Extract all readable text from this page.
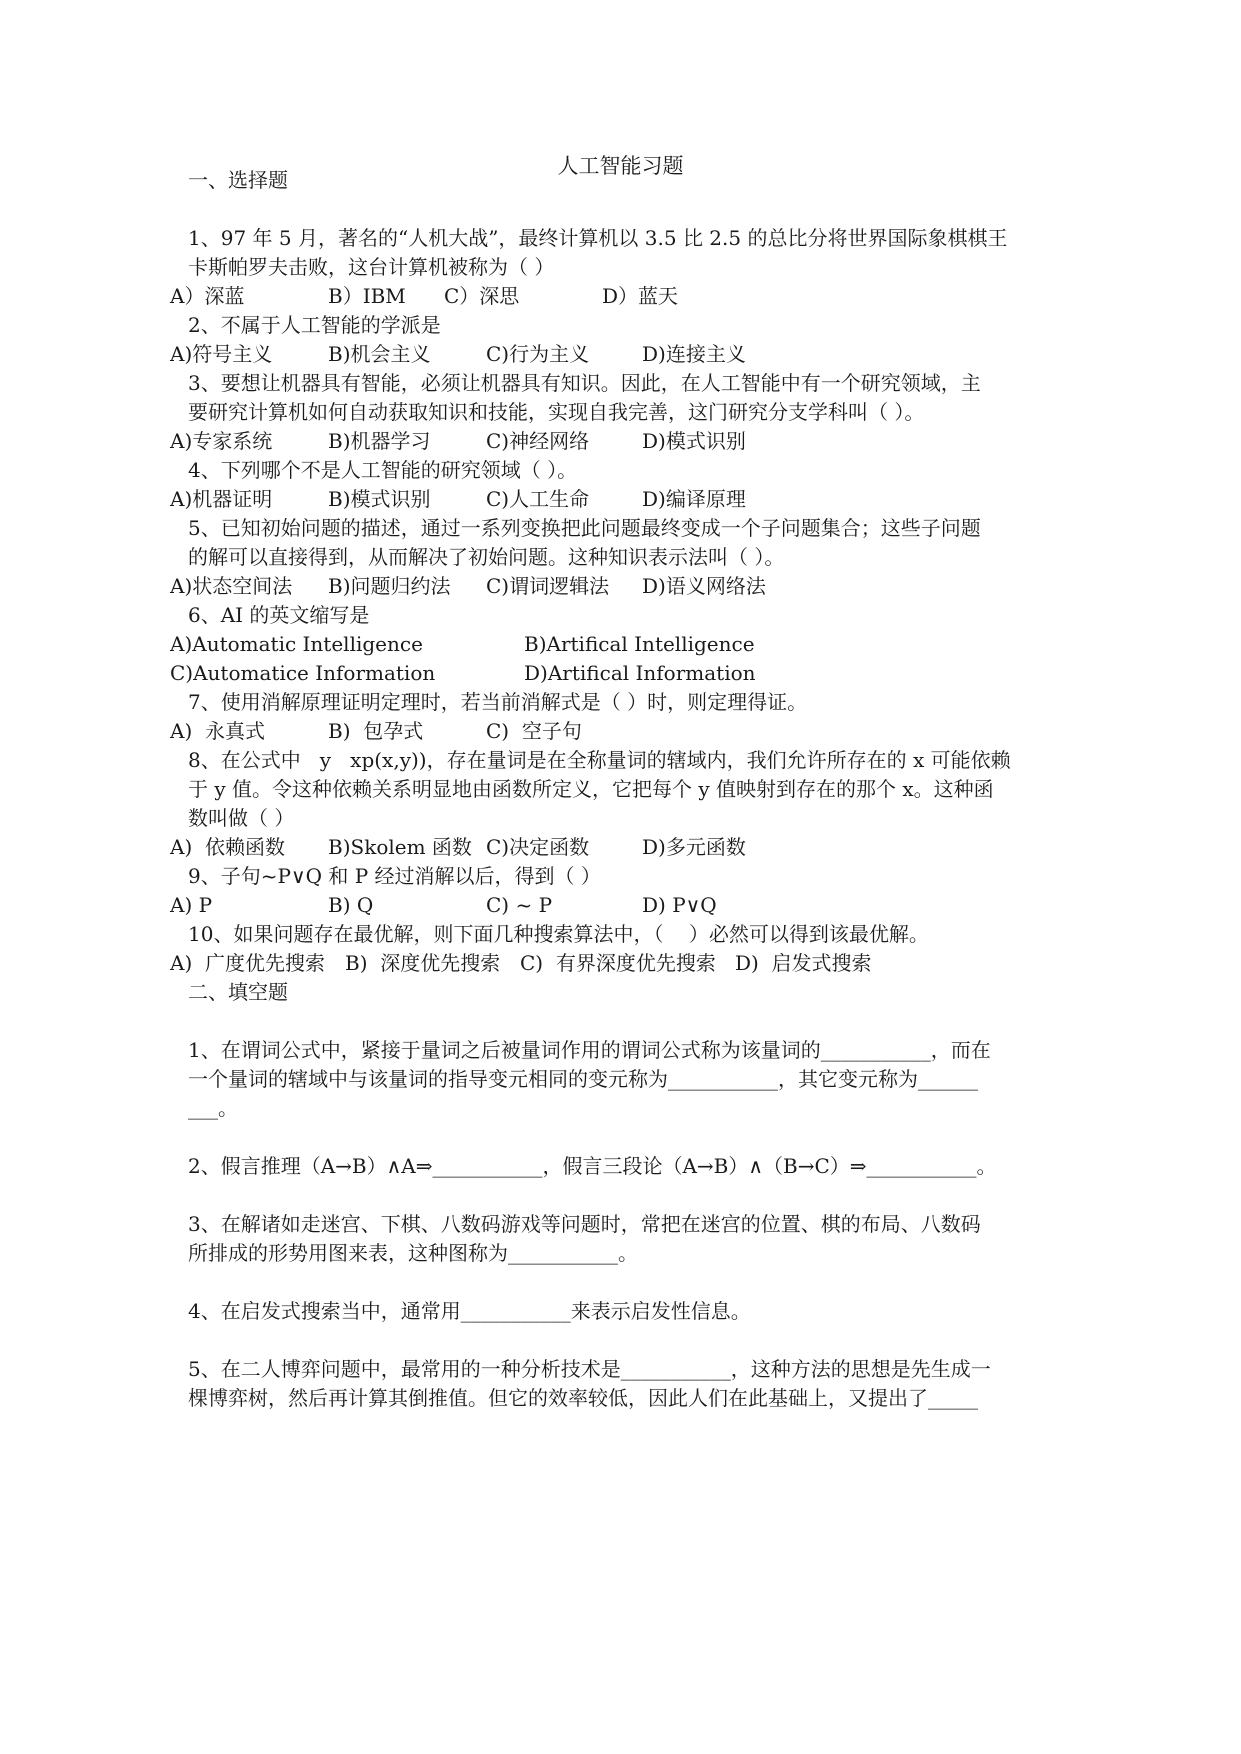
人工智能习题
一、选择题
1、97 年 5 月，著名的“人机大战”，最终计算机以 3.5 比 2.5 的总比分将世界国际象棋棋王
卡斯帕罗夫击败，这台计算机被称为（ ）
A）深蓝	B）IBM C）深思	D）蓝天
2、不属于人工智能的学派是
A)符号主义	B)机会主义	C)行为主义	D)连接主义
3、要想让机器具有智能，必须让机器具有知识。因此，在人工智能中有一个研究领域，主
要研究计算机如何自动获取知识和技能，实现自我完善，这门研究分支学科叫（ ）。
A)专家系统	B)机器学习	C)神经网络	D)模式识别
4、下列哪个不是人工智能的研究领域（ ）。
A)机器证明	B)模式识别	C)人工生命	D)编译原理
5、已知初始问题的描述，通过一系列变换把此问题最终变成一个子问题集合；这些子问题
的解可以直接得到，从而解决了初始问题。这种知识表示法叫（ ）。
A)状态空间法 B)问题归约法 C)谓词逻辑法 D)语义网络法
6、AI 的英文缩写是
A)Automatic Intelligence	B)Artifical Intelligence
C)Automatice Information	D)Artifical Information
7、使用消解原理证明定理时，若当前消解式是（ ）时，则定理得证。
A)  永真式	B)  包孕式	C)  空子句
8、在公式中   y   xp(x,y))，存在量词是在全称量词的辖域内，我们允许所存在的 x 可能依赖
于 y 值。令这种依赖关系明显地由函数所定义，它把每个 y 值映射到存在的那个 x。这种函
数叫做（ ）
A)  依赖函数 B)Skolem 函数 C)决定函数	D)多元函数
9、子句~P∨Q 和 P 经过消解以后，得到（ ）
A) P	B) Q	C) ~ P	D) P∨Q
10、如果问题存在最优解，则下面几种搜索算法中，（    ）必然可以得到该最优解。
A)  广度优先搜索 B)  深度优先搜索 C)  有界深度优先搜索 D)  启发式搜索
二、填空题
1、在谓词公式中，紧接于量词之后被量词作用的谓词公式称为该量词的___________，而在
一个量词的辖域中与该量词的指导变元相同的变元称为___________，其它变元称为______
___。
2、假言推理（A→B）∧A⇒___________，假言三段论（A→B）∧（B→C）⇒___________。
3、在解诸如走迷宫、下棋、八数码游戏等问题时，常把在迷宫的位置、棋的布局、八数码
所排成的形势用图来表，这种图称为___________。
4、在启发式搜索当中，通常用___________来表示启发性信息。
5、在二人博弈问题中，最常用的一种分析技术是___________，这种方法的思想是先生成一
棵博弈树，然后再计算其倒推值。但它的效率较低，因此人们在此基础上，又提出了_____
